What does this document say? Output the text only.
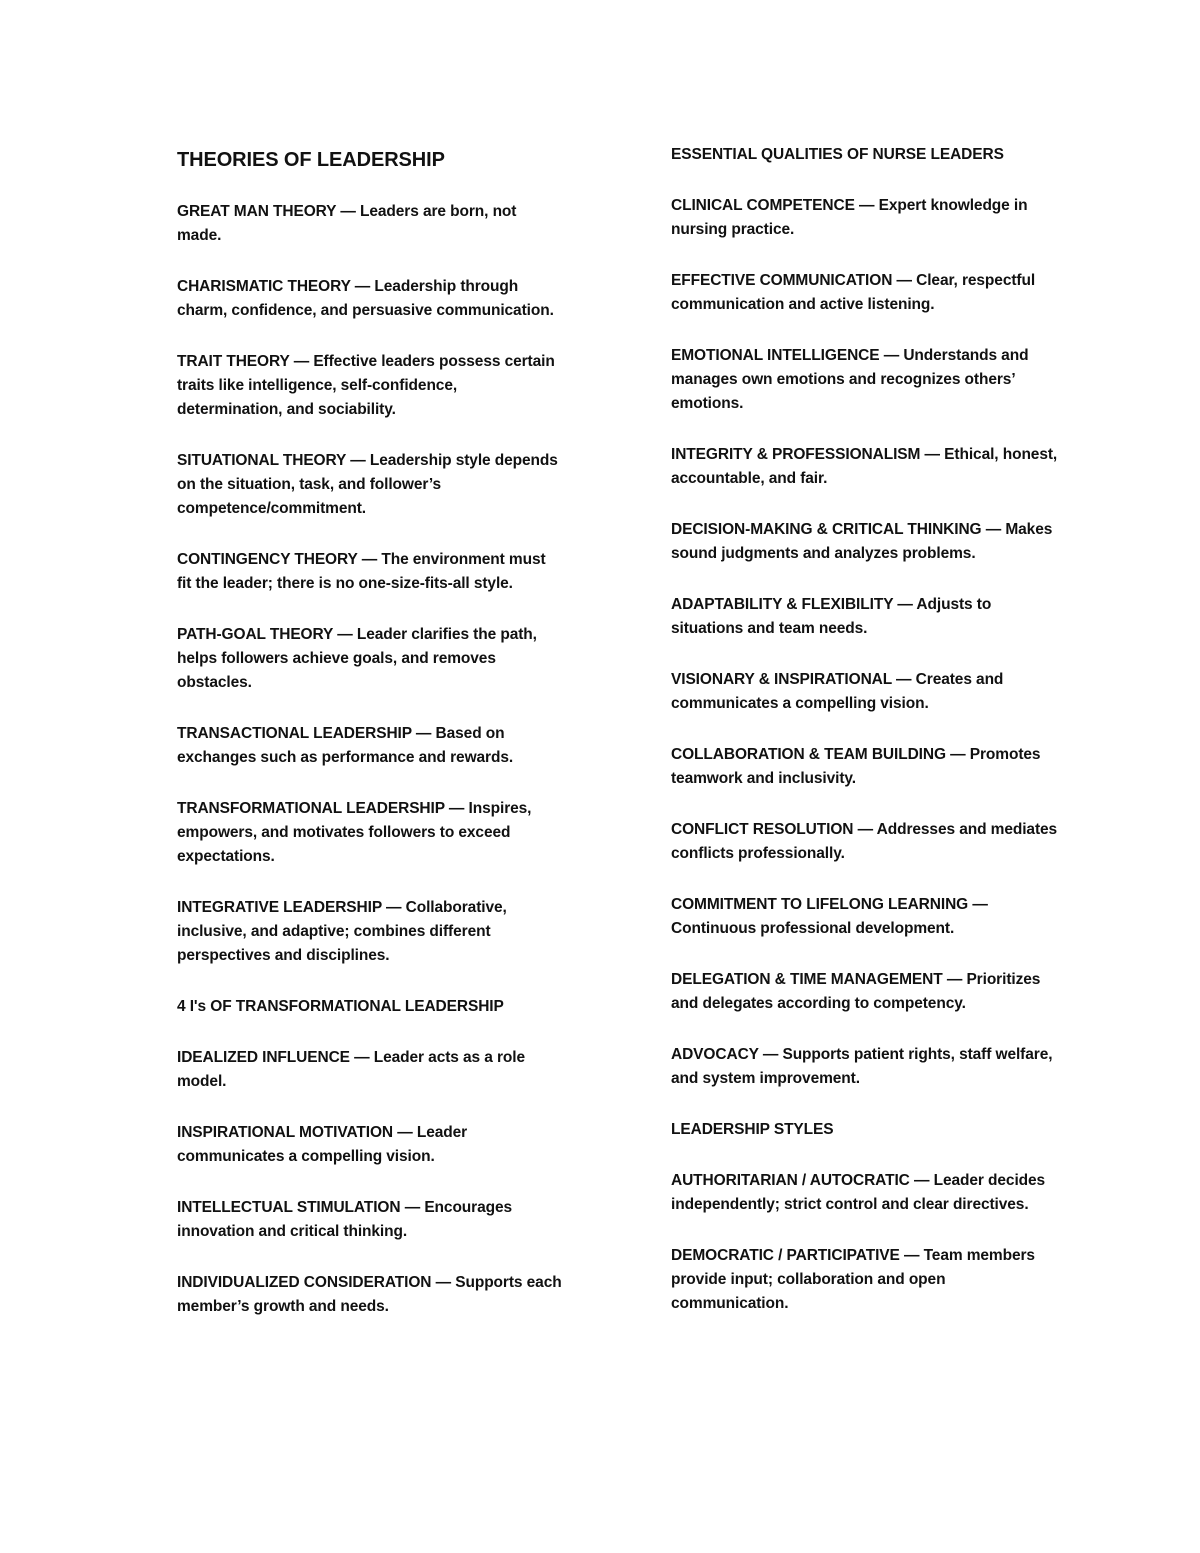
THEORIES OF LEADERSHIP
GREAT MAN THEORY — Leaders are born, not made.
CHARISMATIC THEORY — Leadership through charm, confidence, and persuasive communication.
TRAIT THEORY — Effective leaders possess certain traits like intelligence, self-confidence, determination, and sociability.
SITUATIONAL THEORY — Leadership style depends on the situation, task, and follower’s competence/commitment.
CONTINGENCY THEORY — The environment must fit the leader; there is no one-size-fits-all style.
PATH-GOAL THEORY — Leader clarifies the path, helps followers achieve goals, and removes obstacles.
TRANSACTIONAL LEADERSHIP — Based on exchanges such as performance and rewards.
TRANSFORMATIONAL LEADERSHIP — Inspires, empowers, and motivates followers to exceed expectations.
INTEGRATIVE LEADERSHIP — Collaborative, inclusive, and adaptive; combines different perspectives and disciplines.
4 I's OF TRANSFORMATIONAL LEADERSHIP
IDEALIZED INFLUENCE — Leader acts as a role model.
INSPIRATIONAL MOTIVATION — Leader communicates a compelling vision.
INTELLECTUAL STIMULATION — Encourages innovation and critical thinking.
INDIVIDUALIZED CONSIDERATION — Supports each member’s growth and needs.
ESSENTIAL QUALITIES OF NURSE LEADERS
CLINICAL COMPETENCE — Expert knowledge in nursing practice.
EFFECTIVE COMMUNICATION — Clear, respectful communication and active listening.
EMOTIONAL INTELLIGENCE — Understands and manages own emotions and recognizes others’ emotions.
INTEGRITY & PROFESSIONALISM — Ethical, honest, accountable, and fair.
DECISION-MAKING & CRITICAL THINKING — Makes sound judgments and analyzes problems.
ADAPTABILITY & FLEXIBILITY — Adjusts to situations and team needs.
VISIONARY & INSPIRATIONAL — Creates and communicates a compelling vision.
COLLABORATION & TEAM BUILDING — Promotes teamwork and inclusivity.
CONFLICT RESOLUTION — Addresses and mediates conflicts professionally.
COMMITMENT TO LIFELONG LEARNING — Continuous professional development.
DELEGATION & TIME MANAGEMENT — Prioritizes and delegates according to competency.
ADVOCACY — Supports patient rights, staff welfare, and system improvement.
LEADERSHIP STYLES
AUTHORITARIAN / AUTOCRATIC — Leader decides independently; strict control and clear directives.
DEMOCRATIC / PARTICIPATIVE — Team members provide input; collaboration and open communication.
